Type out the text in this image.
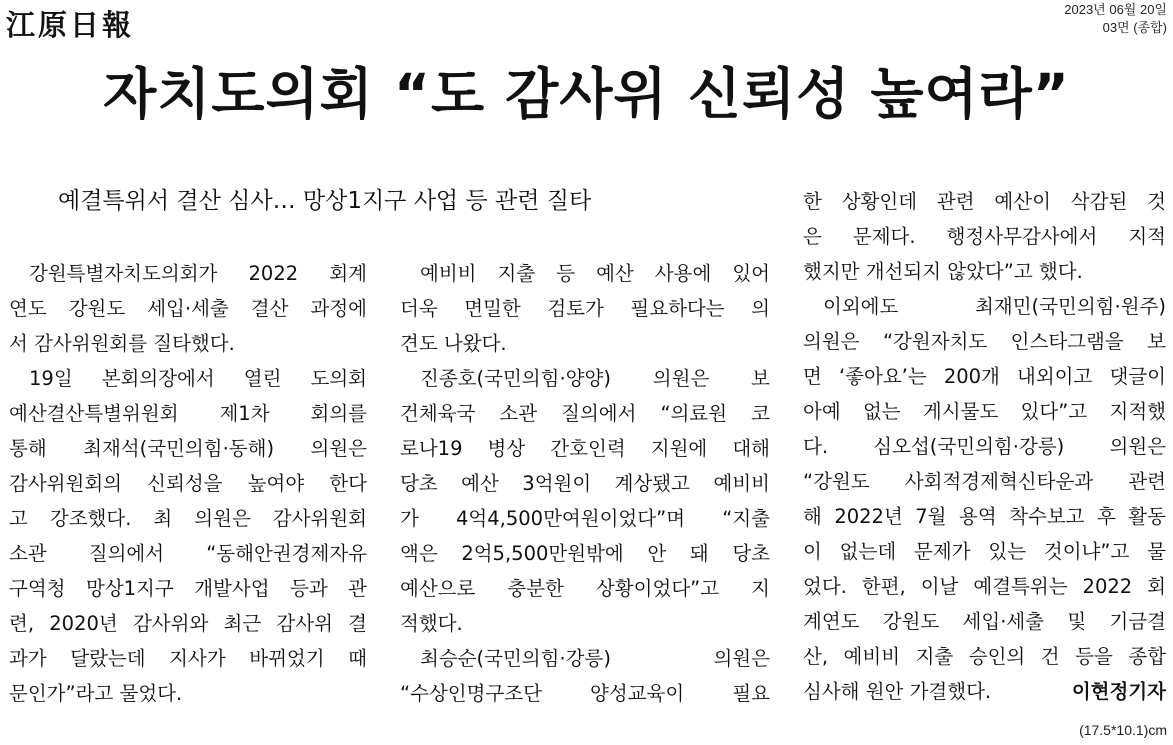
江原日報	2023년 06월 20일
03면 (종합)
자치도의회 “도 감사위 신뢰성 높여라”
예결특위서 결산 심사… 망상1지구 사업 등 관련 질타
강원특별자치도의회가 2022 회계
연도 강원도 세입·세출 결산 과정에
서 감사위원회를 질타했다.
19일 본회의장에서 열린 도의회
예산결산특별위원회 제1차 회의를
통해 최재석(국민의힘·동해) 의원은
감사위원회의 신뢰성을 높여야 한다
고 강조했다. 최 의원은 감사위원회
소관 질의에서 “동해안권경제자유
구역청 망상1지구 개발사업 등과 관
련, 2020년 감사위와 최근 감사위 결
과가 달랐는데 지사가 바뀌었기 때
문인가”라고 물었다.
예비비 지출 등 예산 사용에 있어
더욱 면밀한 검토가 필요하다는 의
견도 나왔다.
진종호(국민의힘·양양) 의원은 보
건체육국 소관 질의에서 “의료원 코
로나19 병상 간호인력 지원에 대해
당초 예산 3억원이 계상됐고 예비비
가 4억4,500만여원이었다”며 “지출
액은 2억5,500만원밖에 안 돼 당초
예산으로 충분한 상황이었다”고 지
적했다.
최승순(국민의힘·강릉) 의원은
“수상인명구조단 양성교육이 필요
한 상황인데 관련 예산이 삭감된 것
은 문제다. 행정사무감사에서 지적
했지만 개선되지 않았다”고 했다.
이외에도 최재민(국민의힘·원주)
의원은 “강원자치도 인스타그램을 보
면 ‘좋아요’는 200개 내외이고 댓글이
아예 없는 게시물도 있다”고 지적했
다. 심오섭(국민의힘·강릉) 의원은
“강원도 사회적경제혁신타운과 관련
해 2022년 7월 용역 착수보고 후 활동
이 없는데 문제가 있는 것이냐”고 물
었다. 한편, 이날 예결특위는 2022 회
계연도 강원도 세입·세출 및 기금결
산, 예비비 지출 승인의 건 등을 종합
심사해 원안 가결했다.	이현정기자
(17.5*10.1)cm
